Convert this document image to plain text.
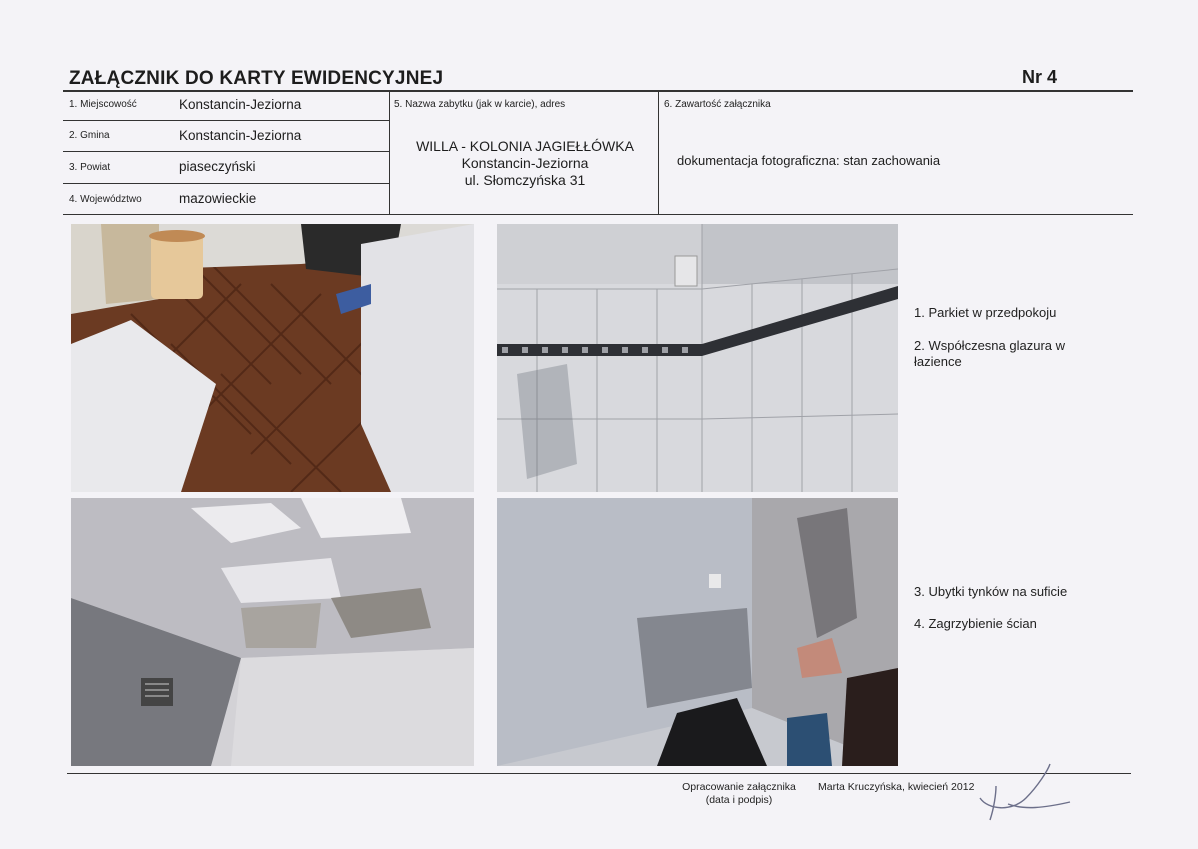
ZAŁĄCZNIK DO KARTY EWIDENCYJNEJ	Nr 4
1. Miejscowość	Konstancin-Jeziorna
2. Gmina	Konstancin-Jeziorna
3. Powiat	piaseczyński
4. Województwo	mazowieckie
5. Nazwa zabytku (jak w karcie), adres
WILLA - KOLONIA JAGIEŁŁÓWKA
Konstancin-Jeziorna
ul. Słomczyńska 31
6. Zawartość załącznika
dokumentacja fotograficzna: stan zachowania
1. Parkiet w przedpokoju
2. Współczesna glazura w łazience
3. Ubytki tynków na suficie
4. Zagrzybienie ścian
Opracowanie załącznika
(data i podpis)
Marta Kruczyńska, kwiecień 2012
